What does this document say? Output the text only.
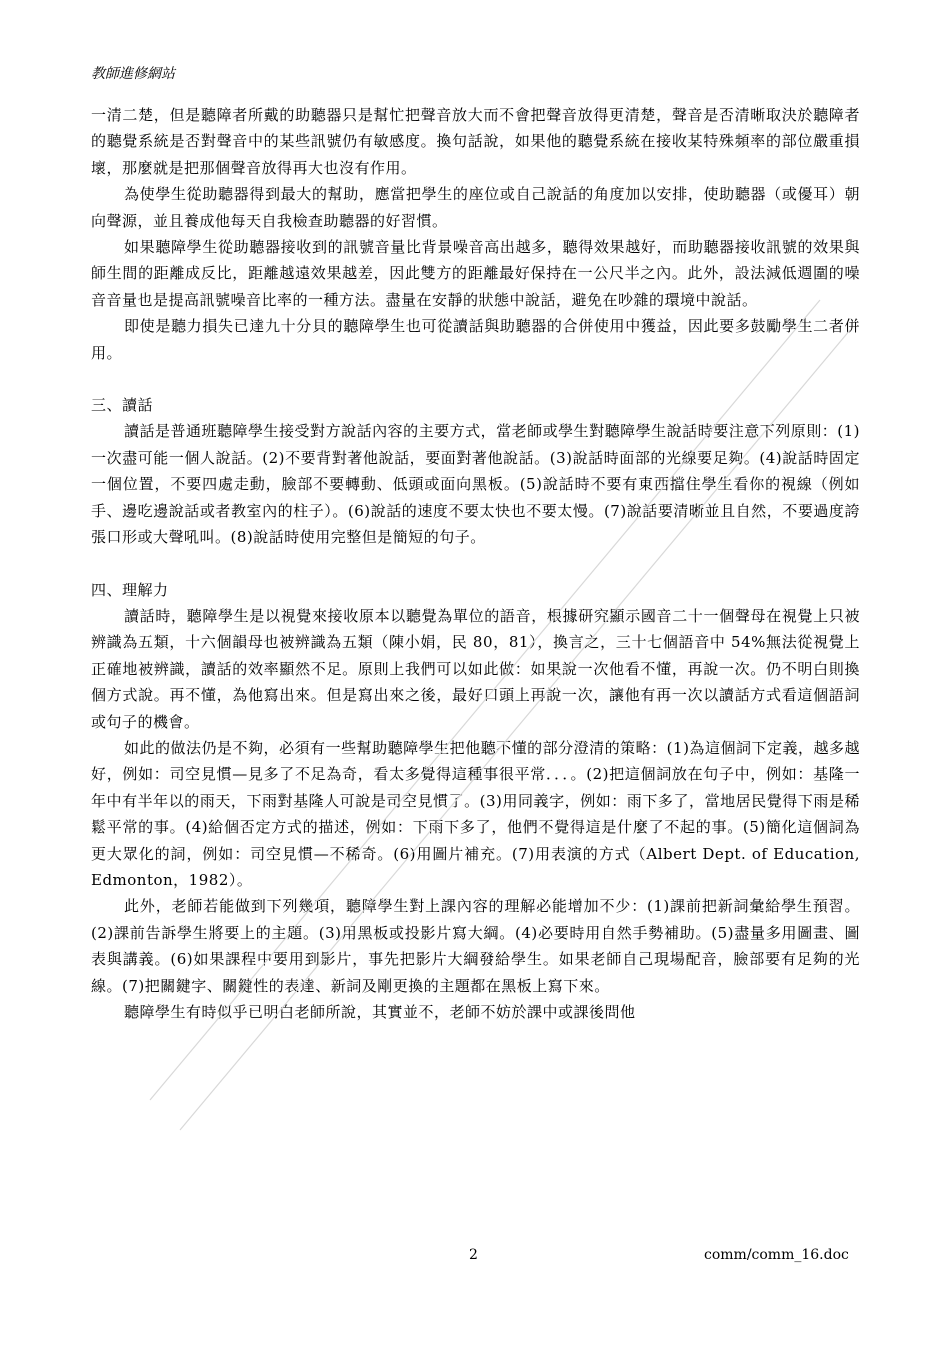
教師進修網站

一清二楚，但是聽障者所戴的助聽器只是幫忙把聲音放大而不會把聲音放得更清楚，聲音是否清晰取決於聽障者的聽覺系統是否對聲音中的某些訊號仍有敏感度。換句話說，如果他的聽覺系統在接收某特殊頻率的部位嚴重損壞，那麼就是把那個聲音放得再大也沒有作用。

為使學生從助聽器得到最大的幫助，應當把學生的座位或自己說話的角度加以安排，使助聽器（或優耳）朝向聲源，並且養成他每天自我檢查助聽器的好習慣。

如果聽障學生從助聽器接收到的訊號音量比背景噪音高出越多，聽得效果越好，而助聽器接收訊號的效果與師生間的距離成反比，距離越遠效果越差，因此雙方的距離最好保持在一公尺半之內。此外，設法減低週圍的噪音音量也是提高訊號噪音比率的一種方法。盡量在安靜的狀態中說話，避免在吵雜的環境中說話。

即使是聽力損失已達九十分貝的聽障學生也可從讀話與助聽器的合併使用中獲益，因此要多鼓勵學生二者併用。

三、讀話

讀話是普通班聽障學生接受對方說話內容的主要方式，當老師或學生對聽障學生說話時要注意下列原則：(1)一次盡可能一個人說話。(2)不要背對著他說話，要面對著他說話。(3)說話時面部的光線要足夠。(4)說話時固定一個位置，不要四處走動，臉部不要轉動、低頭或面向黑板。(5)說話時不要有東西擋住學生看你的視線（例如手、邊吃邊說話或者教室內的柱子）。(6)說話的速度不要太快也不要太慢。(7)說話要清晰並且自然，不要過度誇張口形或大聲吼叫。(8)說話時使用完整但是簡短的句子。

四、理解力

讀話時，聽障學生是以視覺來接收原本以聽覺為單位的語音，根據研究顯示國音二十一個聲母在視覺上只被辨識為五類，十六個韻母也被辨識為五類（陳小娟，民 80，81），換言之，三十七個語音中 54%無法從視覺上正確地被辨識，讀話的效率顯然不足。原則上我們可以如此做：如果說一次他看不懂，再說一次。仍不明白則換個方式說。再不懂，為他寫出來。但是寫出來之後，最好口頭上再說一次，讓他有再一次以讀話方式看這個語詞或句子的機會。

如此的做法仍是不夠，必須有一些幫助聽障學生把他聽不懂的部分澄清的策略：(1)為這個詞下定義，越多越好，例如：司空見慣—見多了不足為奇，看太多覺得這種事很平常．．．。(2)把這個詞放在句子中，例如：基隆一年中有半年以的雨天，下雨對基隆人可說是司空見慣了。(3)用同義字，例如：雨下多了，當地居民覺得下雨是稀鬆平常的事。(4)給個否定方式的描述，例如：下雨下多了，他們不覺得這是什麼了不起的事。(5)簡化這個詞為更大眾化的詞，例如：司空見慣—不稀奇。(6)用圖片補充。(7)用表演的方式（Albert Dept. of Education, Edmonton，1982）。

此外，老師若能做到下列幾項，聽障學生對上課內容的理解必能增加不少：(1)課前把新詞彙給學生預習。(2)課前告訴學生將要上的主題。(3)用黑板或投影片寫大綱。(4)必要時用自然手勢補助。(5)盡量多用圖畫、圖表與講義。(6)如果課程中要用到影片，事先把影片大綱發給學生。如果老師自己現場配音，臉部要有足夠的光線。(7)把關鍵字、關鍵性的表達、新詞及剛更換的主題都在黑板上寫下來。

聽障學生有時似乎已明白老師所說，其實並不，老師不妨於課中或課後問他

2	comm/comm_16.doc
